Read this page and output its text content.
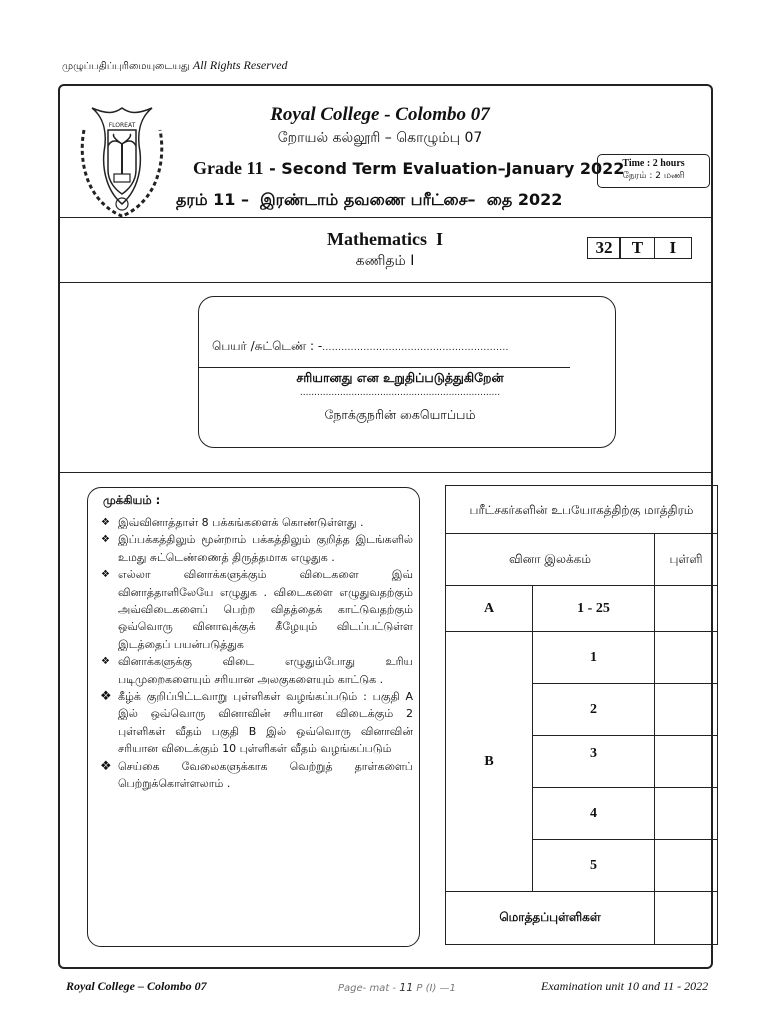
முழுப்பதிப்புரிமையுடையது All Rights Reserved
FLOREAT
Royal College - Colombo 07
றோயல் கல்லூரி – கொழும்பு 07
Grade 11 - Second Term Evaluation–January 2022
Time : 2 hours
நேரம் : 2 மணி
தரம் 11 –  இரண்டாம் தவணை பரீட்சை–  தை 2022
Mathematics  I
கணிதம் I
32	T	I
பெயர் /சுட்டெண் : -...........................................................
சரியானது என உறுதிப்படுத்துகிறேன்
......................................................................
நோக்குநரின் கையொப்பம்
முக்கியம் :
❖ இவ்வினாத்தாள் 8 பக்கங்களைக் கொண்டுள்ளது .
❖ இப்பக்கத்திலும் மூன்றாம் பக்கத்திலும் குறித்த இடங்களில் உமது சுட்டெண்ணைத் திருத்தமாக எழுதுக .
❖ எல்லா வினாக்களுக்கும் விடைகளை இவ் வினாத்தாளிலேயே எழுதுக . விடைகளை எழுதுவதற்கும் அவ்விடைகளைப் பெற்ற விதத்தைக் காட்டுவதற்கும் ஒவ்வொரு வினாவுக்குக் கீழேயும் விடப்பட்டுள்ள இடத்தைப் பயன்படுத்துக
❖ வினாக்களுக்கு விடை எழுதும்போது உரிய படிமுறைகளையும் சரியான அலகுகளையும் காட்டுக .
❖ கீழ்க் குறிப்பிட்டவாறு புள்ளிகள் வழங்கப்படும் : பகுதி A இல் ஒவ்வொரு வினாவின் சரியான விடைக்கும் 2 புள்ளிகள் வீதம் பகுதி B இல் ஒவ்வொரு வினாவின் சரியான விடைக்கும் 10 புள்ளிகள் வீதம் வழங்கப்படும்
❖ செய்கை வேலைகளுக்காக வெற்றுத் தாள்களைப் பெற்றுக்கொள்ளலாம் .
பரீட்சகர்களின் உபயோகத்திற்கு மாத்திரம்		
வினா இலக்கம்		புள்ளி
A	1 - 25	
B	1	
	2	
	3	
	4	
	5	
மொத்தப்புள்ளிகள்		
Royal College – Colombo 07	Page- mat - 11 P (I) —1	Examination unit 10 and 11 - 2022
